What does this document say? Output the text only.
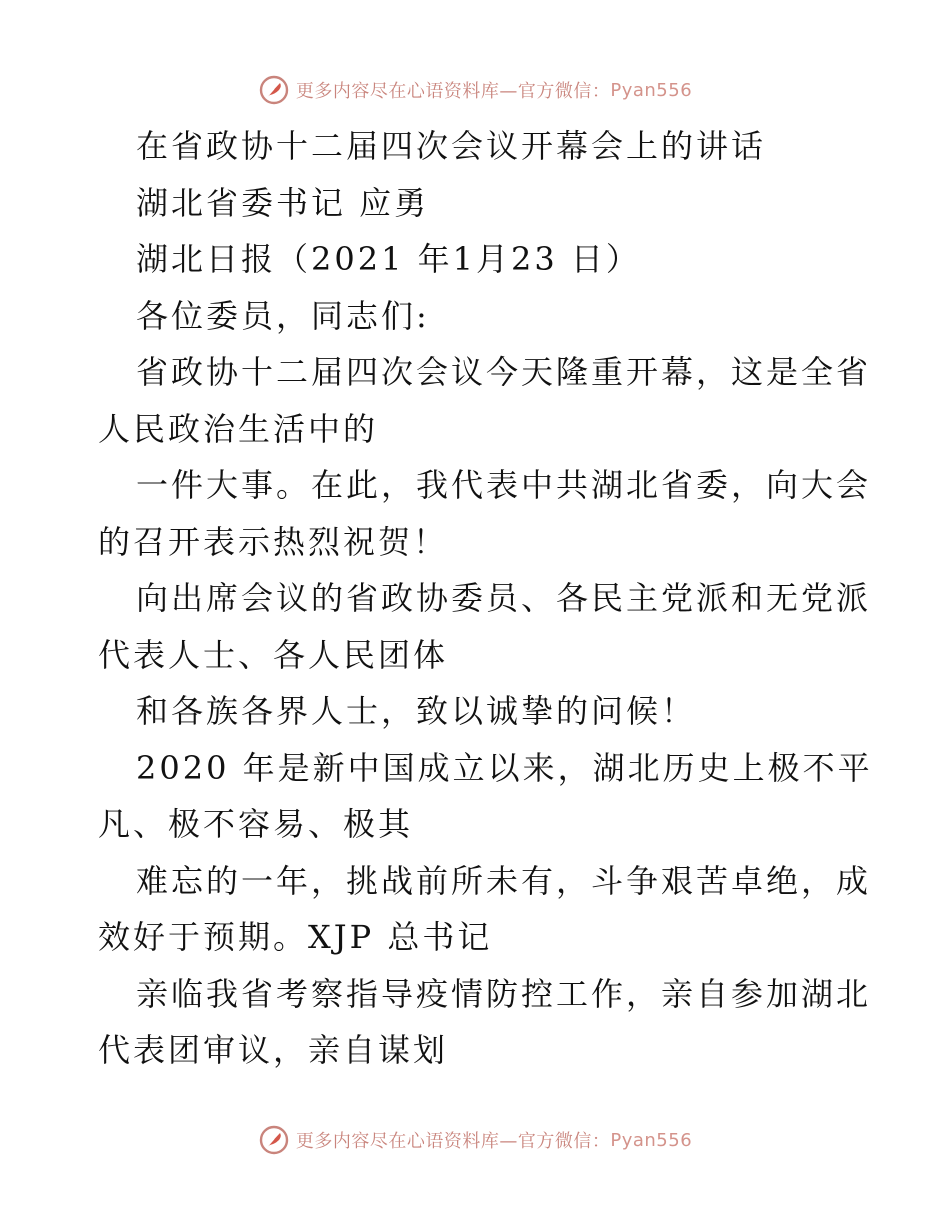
更多内容尽在心语资料库—官方微信： Pyan556
在省政协十二届四次会议开幕会上的讲话
湖北省委书记 应勇
湖北日报（2021 年1月23 日）
各位委员，同志们:
省政协十二届四次会议今天隆重开幕，这是全省
人民政治生活中的
一件大事。在此，我代表中共湖北省委，向大会
的召开表示热烈祝贺！
向出席会议的省政协委员、各民主党派和无党派
代表人士、各人民团体
和各族各界人士，致以诚挚的问候！
2020 年是新中国成立以来，湖北历史上极不平
凡、极不容易、极其
难忘的一年，挑战前所未有，斗争艰苦卓绝，成
效好于预期。XJP 总书记
亲临我省考察指导疫情防控工作，亲自参加湖北
代表团审议，亲自谋划
更多内容尽在心语资料库—官方微信： Pyan556
